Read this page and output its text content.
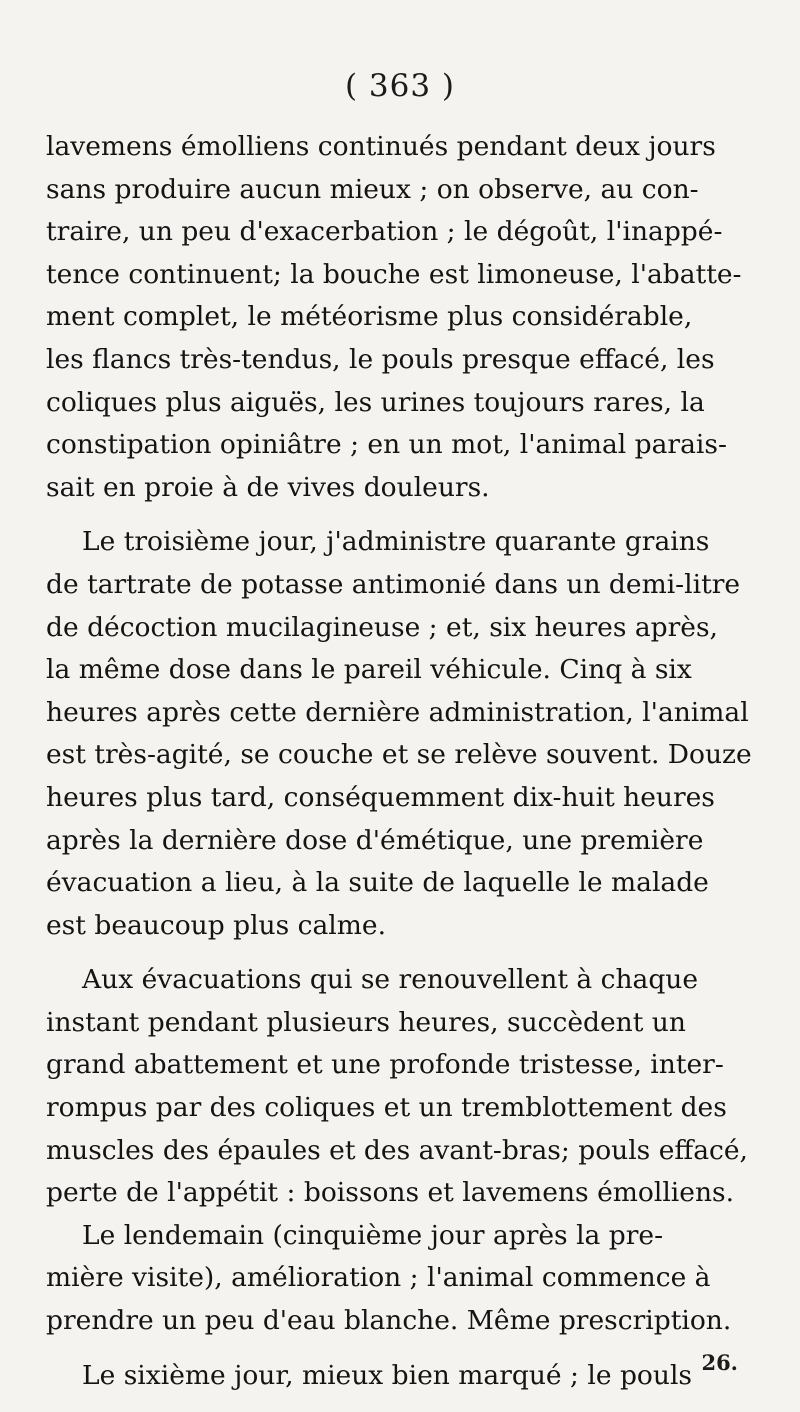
( 363 )
lavemens émolliens continués pendant deux jours
sans produire aucun mieux ; on observe, au con-
traire, un peu d'exacerbation ; le dégoût, l'inappé-
tence continuent; la bouche est limoneuse, l'abatte-
ment complet, le météorisme plus considérable,
les flancs très-tendus, le pouls presque effacé, les
coliques plus aiguës, les urines toujours rares, la
constipation opiniâtre ; en un mot, l'animal parais-
sait en proie à de vives douleurs.
Le troisième jour, j'administre quarante grains
de tartrate de potasse antimonié dans un demi-litre
de décoction mucilagineuse ; et, six heures après,
la même dose dans le pareil véhicule. Cinq à six
heures après cette dernière administration, l'animal
est très-agité, se couche et se relève souvent. Douze
heures plus tard, conséquemment dix-huit heures
après la dernière dose d'émétique, une première
évacuation a lieu, à la suite de laquelle le malade
est beaucoup plus calme.
Aux évacuations qui se renouvellent à chaque
instant pendant plusieurs heures, succèdent un
grand abattement et une profonde tristesse, inter-
rompus par des coliques et un tremblottement des
muscles des épaules et des avant-bras; pouls effacé,
perte de l'appétit : boissons et lavemens émolliens.
Le lendemain (cinquième jour après la pre-
mière visite), amélioration ; l'animal commence à
prendre un peu d'eau blanche. Même prescription.
Le sixième jour, mieux bien marqué ; le pouls 26.
